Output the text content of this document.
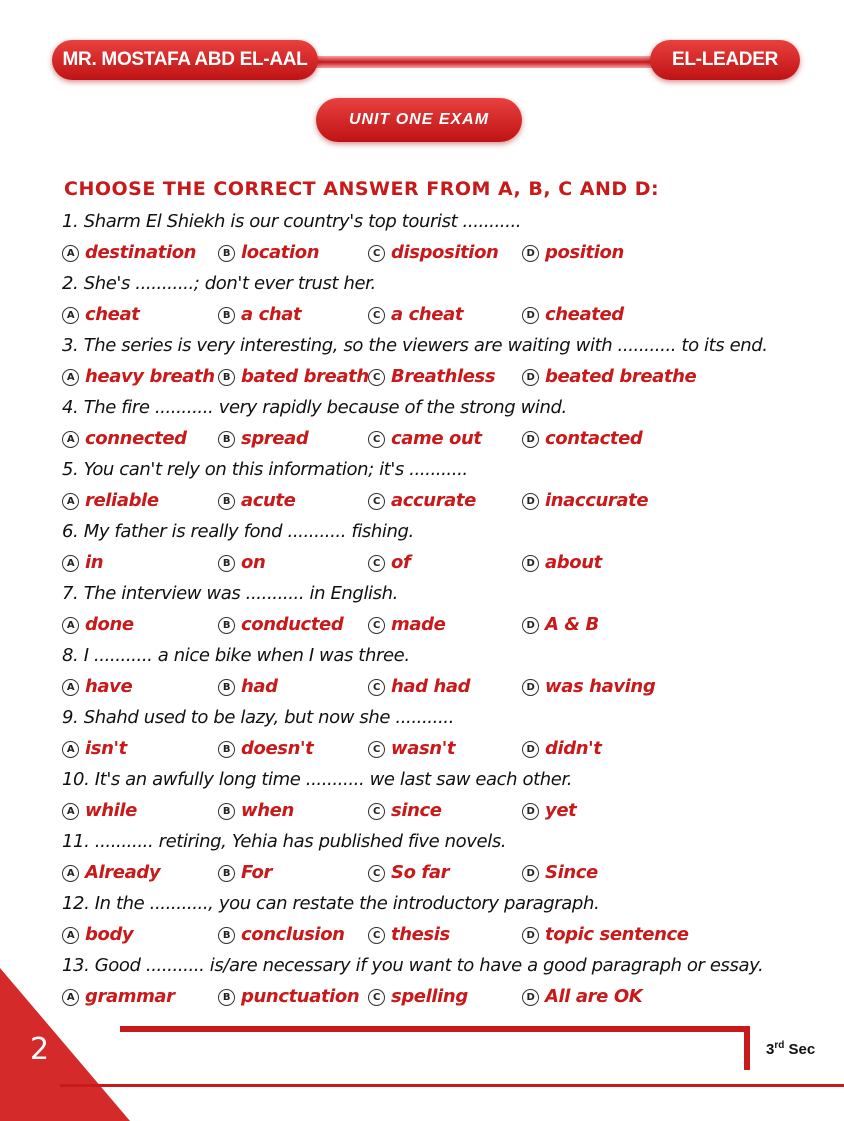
MR. MOSTAFA ABD EL-AAL	EL-LEADER
UNIT ONE EXAM
CHOOSE THE CORRECT ANSWER FROM A, B, C AND D:
1. Sharm El Shiekh is our country's top tourist ...........
A destination	B location	C disposition	D position
2. She's ...........; don't ever trust her.
A cheat	B a chat	C a cheat	D cheated
3. The series is very interesting, so the viewers are waiting with ........... to its end.
A heavy breath B bated breath C Breathless	D beated breathe
4. The fire ........... very rapidly because of the strong wind.
A connected	B spread	C came out	D contacted
5. You can't rely on this information; it's ...........
A reliable	B acute	C accurate	D inaccurate
6. My father is really fond ........... fishing.
A in	B on	C of	D about
7. The interview was ........... in English.
A done	B conducted	C made	D A & B
8. I ........... a nice bike when I was three.
A have	B had	C had had	D was having
9. Shahd used to be lazy, but now she ...........
A isn't	B doesn't	C wasn't	D didn't
10. It's an awfully long time ........... we last saw each other.
A while	B when	C since	D yet
11. ........... retiring, Yehia has published five novels.
A Already	B For	C So far	D Since
12. In the ..........., you can restate the introductory paragraph.
A body	B conclusion	C thesis	D topic sentence
13. Good ........... is/are necessary if you want to have a good paragraph or essay.
A grammar	B punctuation	C spelling	D All are OK
2	3rd Sec
